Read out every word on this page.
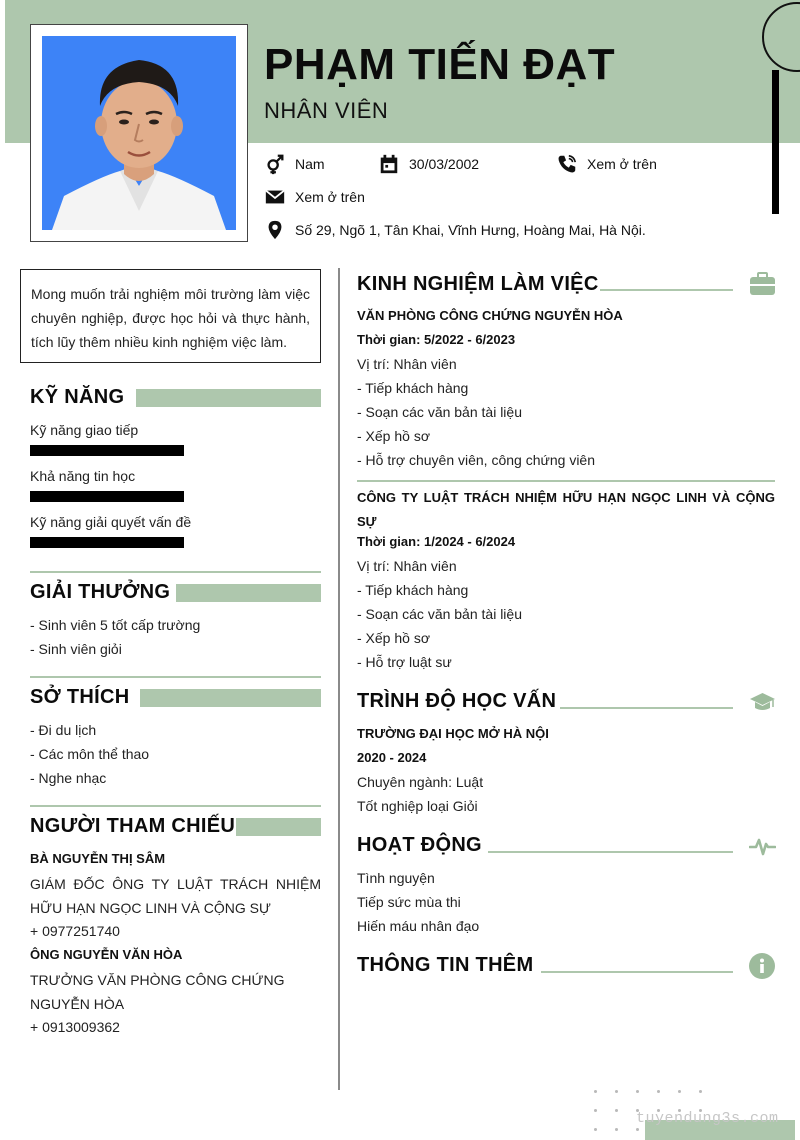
PHẠM TIẾN ĐẠT
NHÂN VIÊN
Nam	30/03/2002	Xem ở trên
Xem ở trên
Số 29, Ngõ 1, Tân Khai, Vĩnh Hưng, Hoàng Mai, Hà Nội.
Mong muốn trải nghiệm môi trường làm việc chuyên nghiệp, được học hỏi và thực hành, tích lũy thêm nhiều kinh nghiệm việc làm.
KỸ NĂNG
Kỹ năng giao tiếp
Khả năng tin học
Kỹ năng giải quyết vấn đề
GIẢI THƯỞNG
- Sinh viên 5 tốt cấp trường
- Sinh viên giỏi
SỞ THÍCH
- Đi du lịch
- Các môn thể thao
- Nghe nhạc
NGƯỜI THAM CHIẾU
BÀ NGUYỄN THỊ SÂM
GIÁM ĐỐC ÔNG TY LUẬT TRÁCH NHIỆM HỮU HẠN NGỌC LINH VÀ CỘNG SỰ
+ 0977251740
ÔNG NGUYỄN VĂN HÒA
TRƯỞNG VĂN PHÒNG CÔNG CHỨNG NGUYỄN HÒA
+ 0913009362
KINH NGHIỆM LÀM VIỆC
VĂN PHÒNG CÔNG CHỨNG NGUYỄN HÒA
Thời gian: 5/2022 - 6/2023
Vị trí: Nhân viên
- Tiếp khách hàng
- Soạn các văn bản tài liệu
- Xếp hồ sơ
- Hỗ trợ chuyên viên, công chứng viên
CÔNG TY LUẬT TRÁCH NHIỆM HỮU HẠN NGỌC LINH VÀ CỘNG SỰ
Thời gian: 1/2024 - 6/2024
Vị trí: Nhân viên
- Tiếp khách hàng
- Soạn các văn bản tài liệu
- Xếp hồ sơ
- Hỗ trợ luật sư
TRÌNH ĐỘ HỌC VẤN
TRƯỜNG ĐẠI HỌC MỞ HÀ NỘI
2020 - 2024
Chuyên ngành: Luật
Tốt nghiệp loại Giỏi
HOẠT ĐỘNG
Tình nguyện
Tiếp sức mùa thi
Hiến máu nhân đạo
THÔNG TIN THÊM
tuyendung3s.com
